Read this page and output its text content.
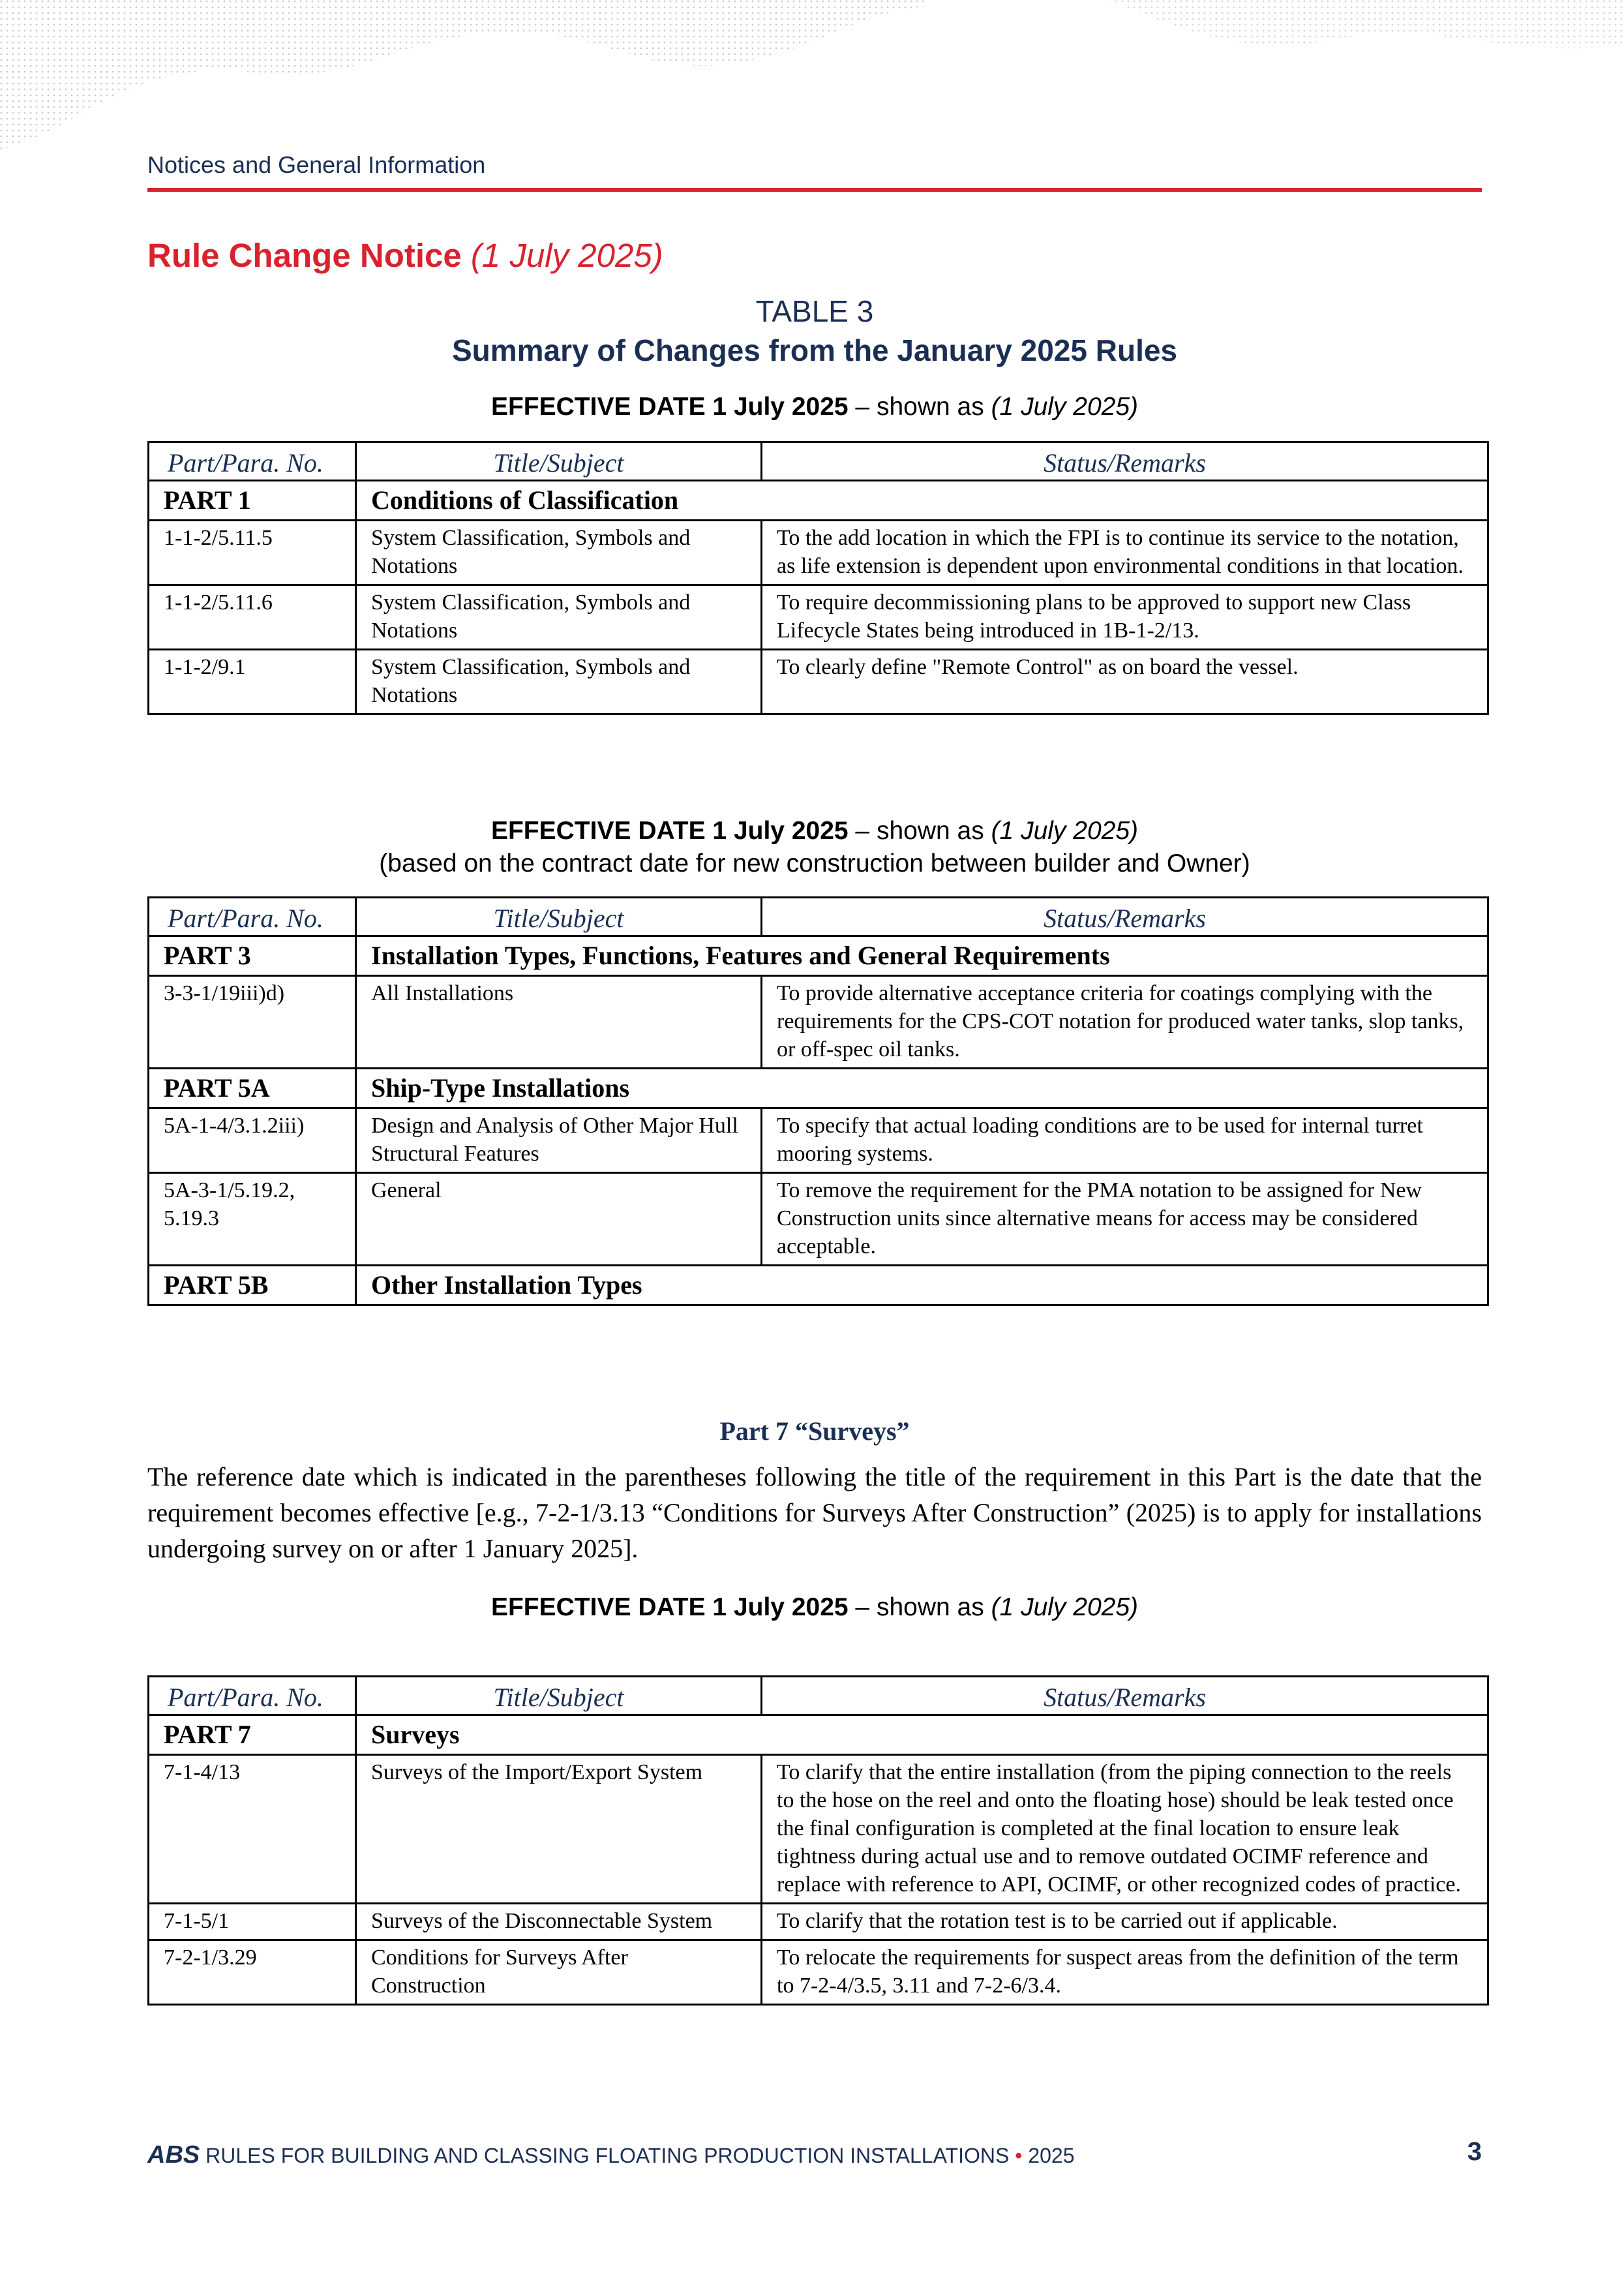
Notices and General Information
Rule Change Notice (1 July 2025)
TABLE 3
Summary of Changes from the January 2025 Rules
EFFECTIVE DATE 1 July 2025 – shown as (1 July 2025)
Part/Para. No.	Title/Subject	Status/Remarks
PART 1	Conditions of Classification	
1-1-2/5.11.5	System Classification, Symbols and Notations	To the add location in which the FPI is to continue its service to the notation, as life extension is dependent upon environmental conditions in that location.
1-1-2/5.11.6	System Classification, Symbols and Notations	To require decommissioning plans to be approved to support new Class Lifecycle States being introduced in 1B-1-2/13.
1-1-2/9.1	System Classification, Symbols and Notations	To clearly define "Remote Control" as on board the vessel.
EFFECTIVE DATE 1 July 2025 – shown as (1 July 2025)
(based on the contract date for new construction between builder and Owner)
Part/Para. No.	Title/Subject	Status/Remarks
PART 3	Installation Types, Functions, Features and General Requirements	
3-3-1/19iii)d)	All Installations	To provide alternative acceptance criteria for coatings complying with the requirements for the CPS-COT notation for produced water tanks, slop tanks, or off-spec oil tanks.
PART 5A	Ship-Type Installations	
5A-1-4/3.1.2iii)	Design and Analysis of Other Major Hull Structural Features	To specify that actual loading conditions are to be used for internal turret mooring systems.
5A-3-1/5.19.2, 5.19.3	General	To remove the requirement for the PMA notation to be assigned for New Construction units since alternative means for access may be considered acceptable.
PART 5B	Other Installation Types	
Part 7 “Surveys”
The reference date which is indicated in the parentheses following the title of the requirement in this Part is the date that the requirement becomes effective [e.g., 7-2-1/3.13 “Conditions for Surveys After Construction” (2025) is to apply for installations undergoing survey on or after 1 January 2025].
EFFECTIVE DATE 1 July 2025 – shown as (1 July 2025)
Part/Para. No.	Title/Subject	Status/Remarks
PART 7	Surveys	
7-1-4/13	Surveys of the Import/Export System	To clarify that the entire installation (from the piping connection to the reels to the hose on the reel and onto the floating hose) should be leak tested once the final configuration is completed at the final location to ensure leak tightness during actual use and to remove outdated OCIMF reference and replace with reference to API, OCIMF, or other recognized codes of practice.
7-1-5/1	Surveys of the Disconnectable System	To clarify that the rotation test is to be carried out if applicable.
7-2-1/3.29	Conditions for Surveys After Construction	To relocate the requirements for suspect areas from the definition of the term to 7-2-4/3.5, 3.11 and 7-2-6/3.4.
ABS RULES FOR BUILDING AND CLASSING FLOATING PRODUCTION INSTALLATIONS • 2025	3
